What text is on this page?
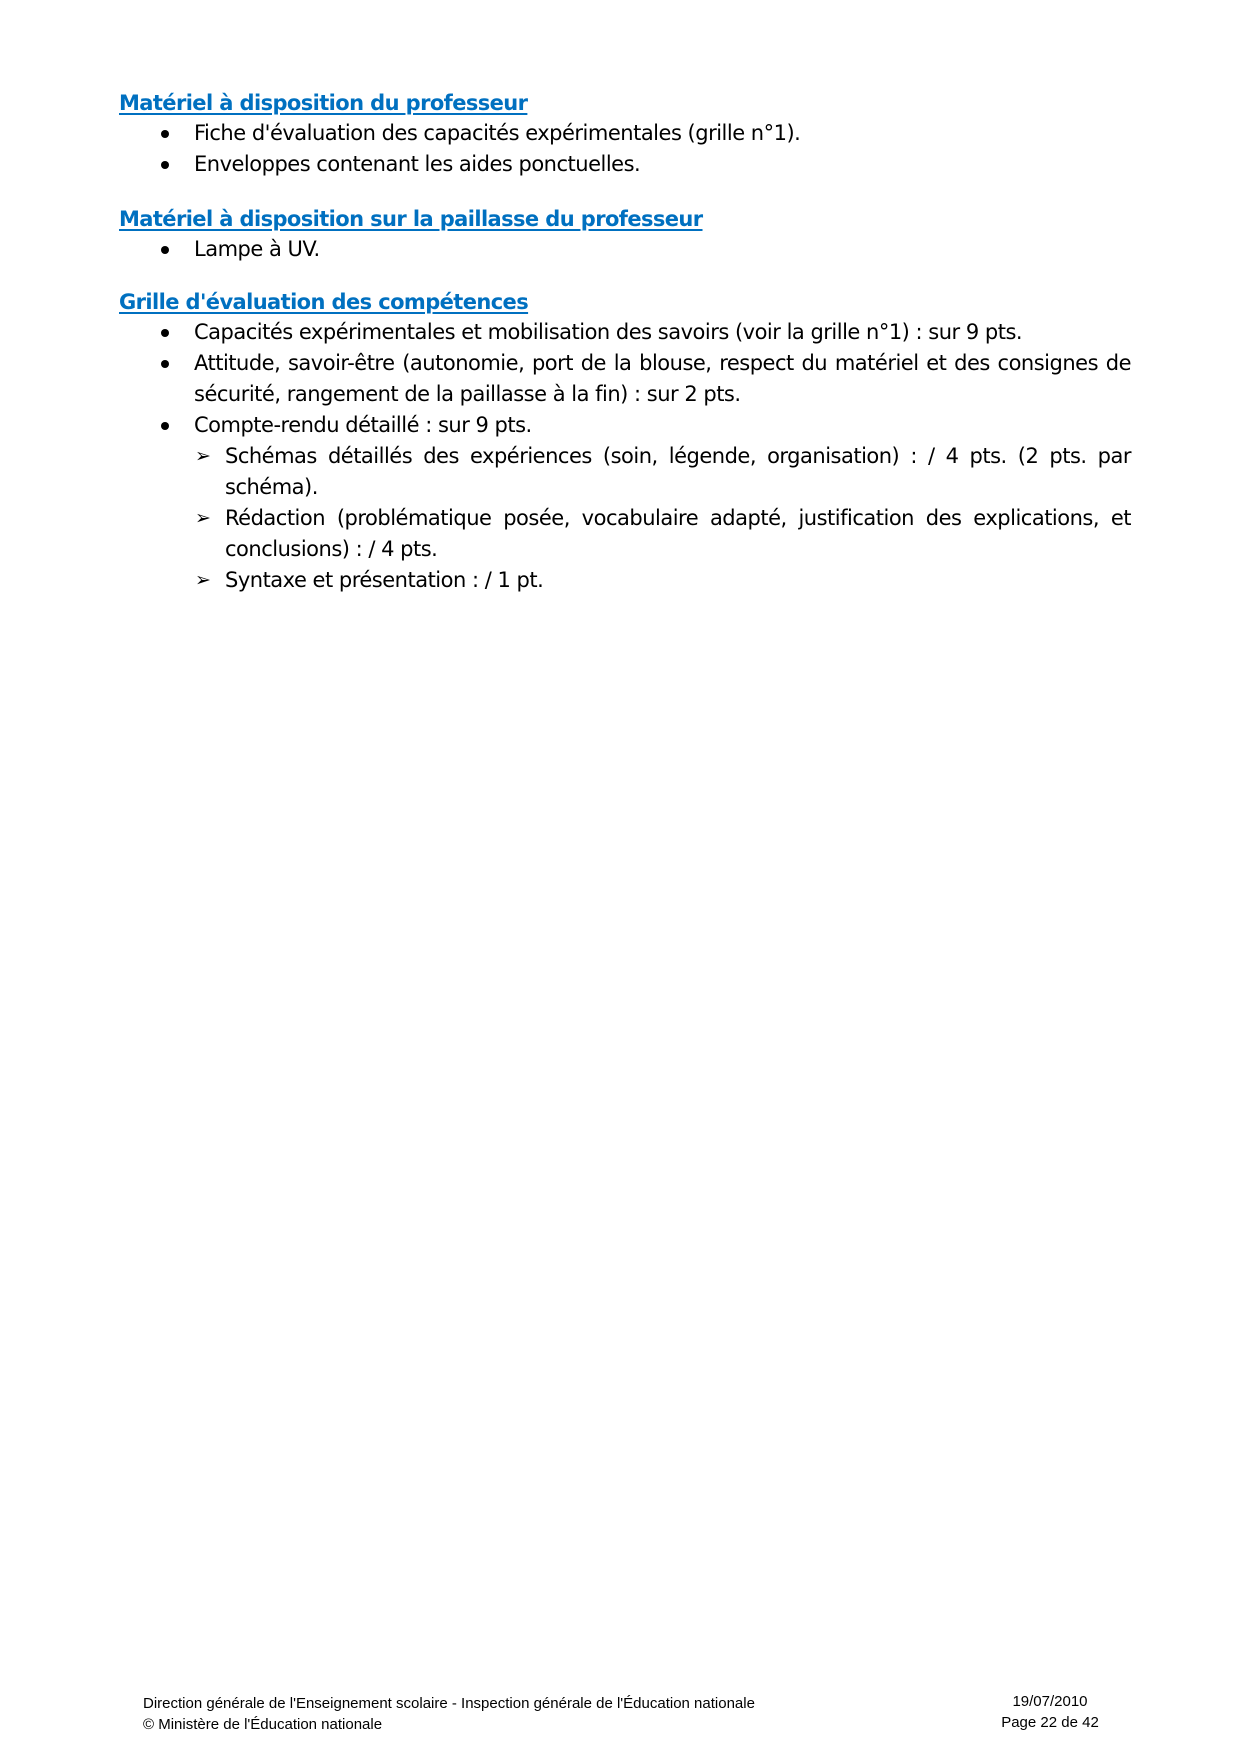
Matériel à disposition du professeur
Fiche d'évaluation des capacités expérimentales (grille n°1).
Enveloppes contenant les aides ponctuelles.
Matériel à disposition sur la paillasse du professeur
Lampe à UV.
Grille d'évaluation des compétences
Capacités expérimentales et mobilisation des savoirs (voir la grille n°1) : sur 9 pts.
Attitude, savoir-être (autonomie, port de la blouse, respect du matériel et des consignes de sécurité, rangement de la paillasse à la fin) : sur 2 pts.
Compte-rendu détaillé : sur 9 pts.
➢ Schémas détaillés des expériences (soin, légende, organisation) : / 4 pts. (2 pts. par schéma).
➢ Rédaction (problématique posée, vocabulaire adapté, justification des explications, et conclusions) : / 4 pts.
➢ Syntaxe et présentation : / 1 pt.
Direction générale de l'Enseignement scolaire - Inspection générale de l'Éducation nationale
© Ministère de l'Éducation nationale
19/07/2010
Page 22 de 42
